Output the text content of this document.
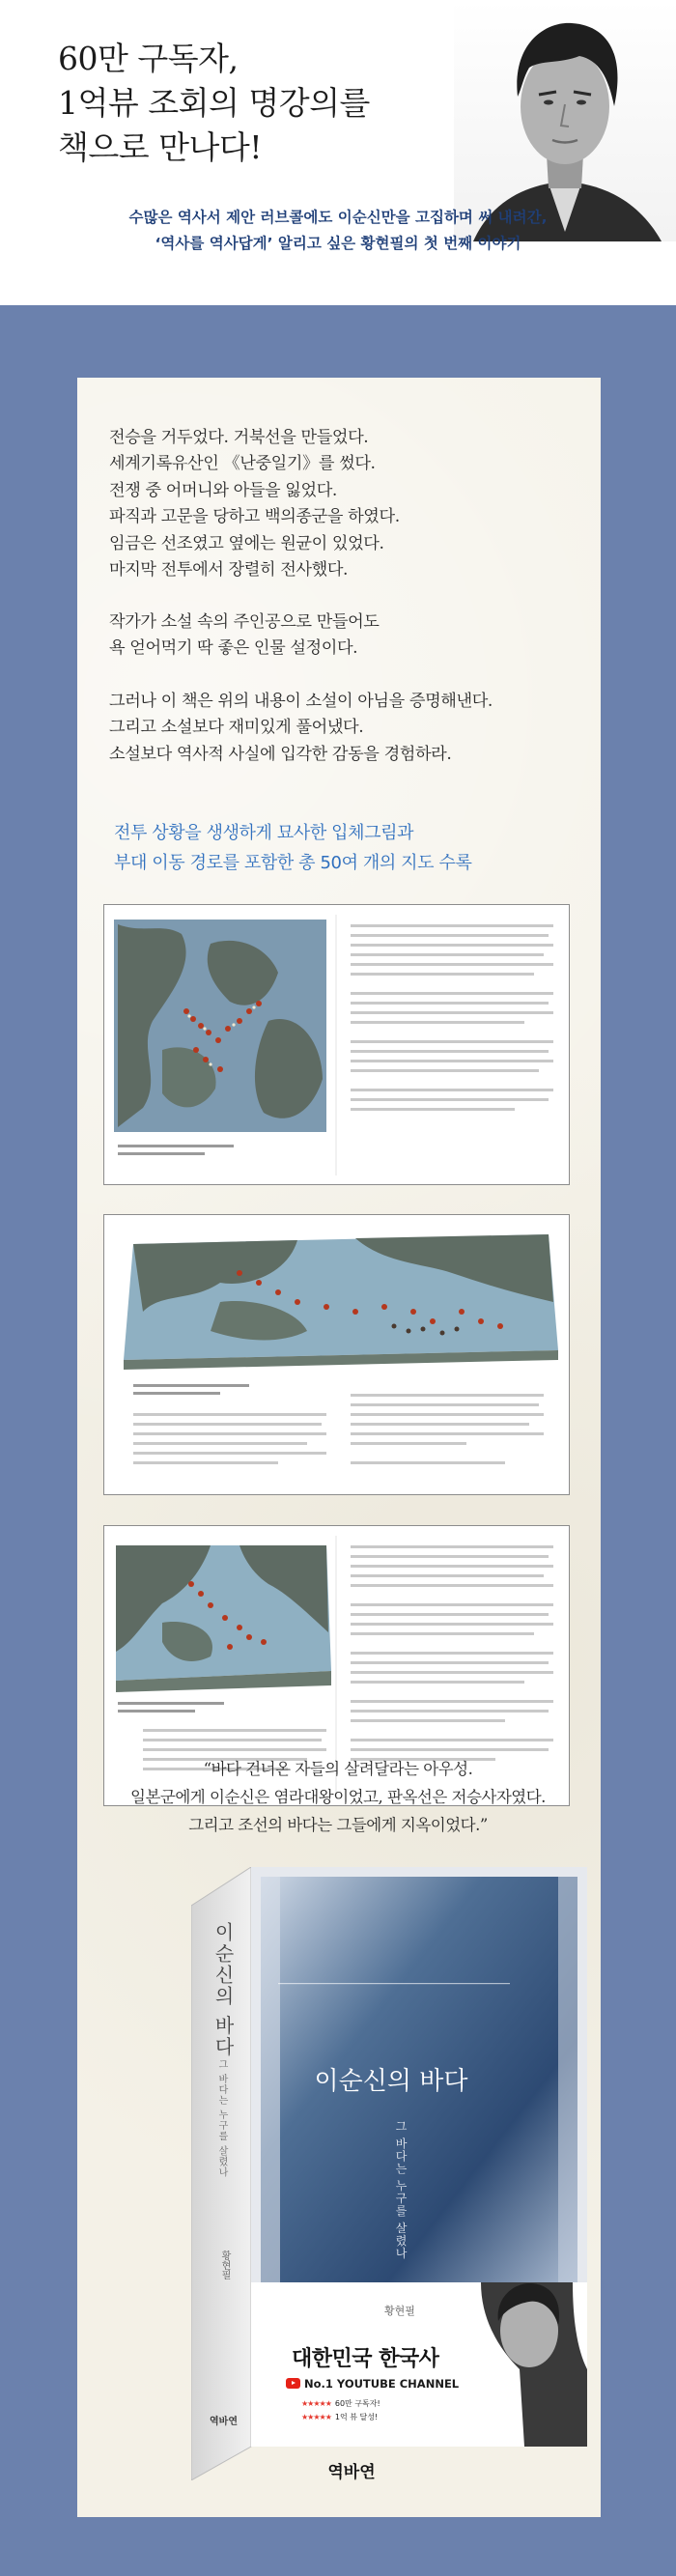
60만 구독자,
1억뷰 조회의 명강의를
책으로 만나다!
수많은 역사서 제안 러브콜에도 이순신만을 고집하며 써 내려간,
‘역사를 역사답게’ 알리고 싶은 황현필의 첫 번째 이야기
전승을 거두었다. 거북선을 만들었다.
세계기록유산인 《난중일기》를 썼다.
전쟁 중 어머니와 아들을 잃었다.
파직과 고문을 당하고 백의종군을 하였다.
임금은 선조였고 옆에는 원균이 있었다.
마지막 전투에서 장렬히 전사했다.
작가가 소설 속의 주인공으로 만들어도
욕 얻어먹기 딱 좋은 인물 설정이다.
그러나 이 책은 위의 내용이 소설이 아님을 증명해낸다.
그리고 소설보다 재미있게 풀어냈다.
소설보다 역사적 사실에 입각한 감동을 경험하라.
전투 상황을 생생하게 묘사한 입체그림과
부대 이동 경로를 포함한 총 50여 개의 지도 수록
“바다 건너온 자들의 살려달라는 아우성.
일본군에게 이순신은 염라대왕이었고, 판옥선은 저승사자였다.
그리고 조선의 바다는 그들에게 지옥이었다.”
이순신의 바다
그 바다는 누구를 살렸나
황현필
역바연
이순신의 바다
그 바다는 누구를 살렸나
황현필
대한민국 한국사
No.1 YOUTUBE CHANNEL
★★★★★ 60만 구독자!
★★★★★ 1억 뷰 달성!
역바연
